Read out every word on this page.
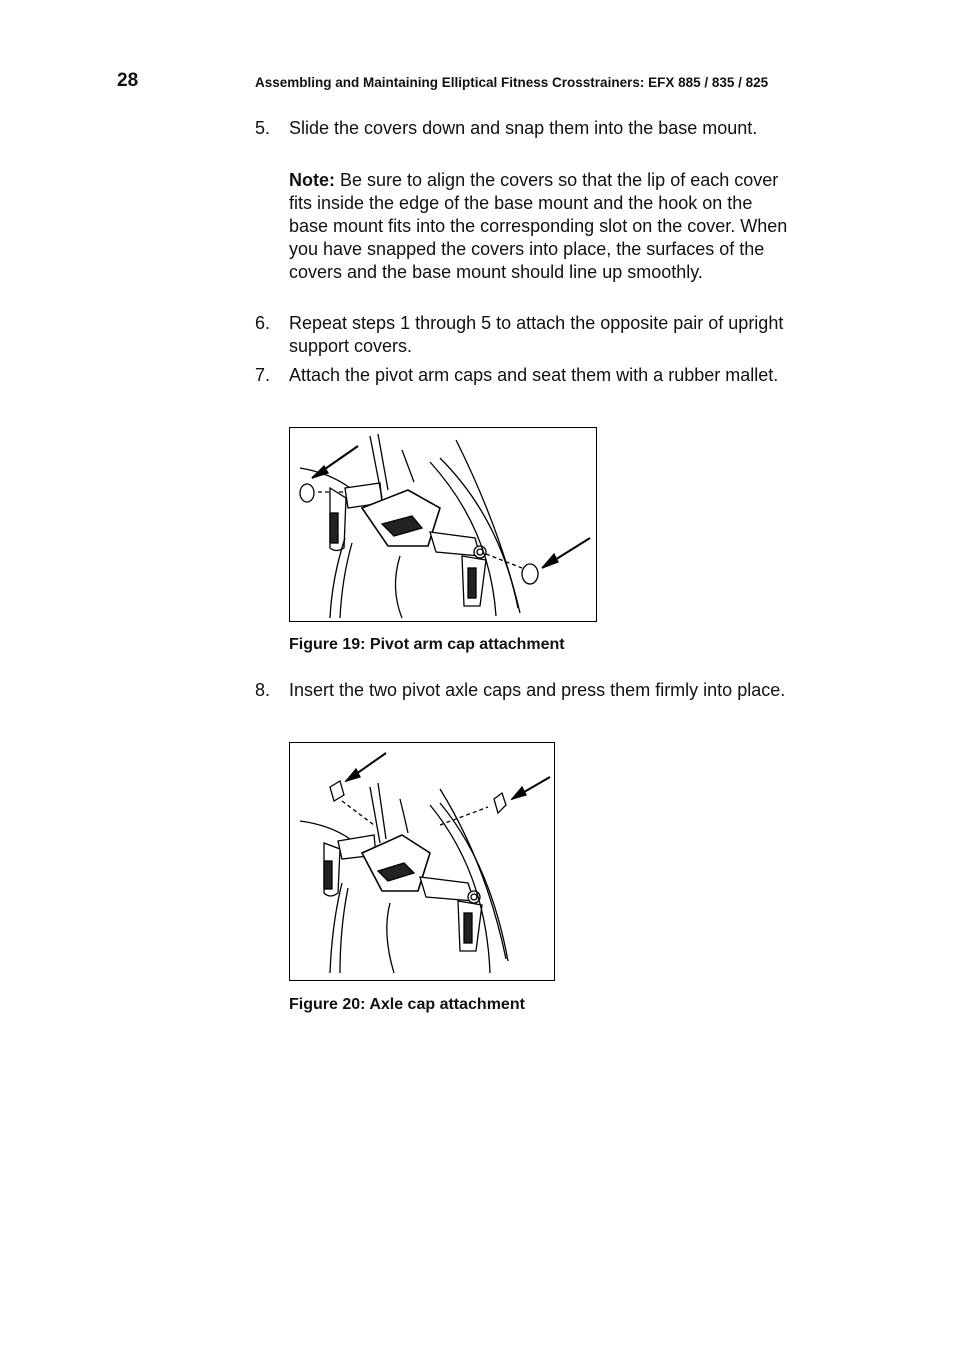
28	Assembling and Maintaining Elliptical Fitness Crosstrainers: EFX 885 / 835 / 825
5. Slide the covers down and snap them into the base mount.
Note: Be sure to align the covers so that the lip of each cover fits inside the edge of the base mount and the hook on the base mount fits into the corresponding slot on the cover. When you have snapped the covers into place, the surfaces of the covers and the base mount should line up smoothly.
6. Repeat steps 1 through 5 to attach the opposite pair of upright support covers.
7. Attach the pivot arm caps and seat them with a rubber mallet.
Figure 19: Pivot arm cap attachment
8. Insert the two pivot axle caps and press them firmly into place.
Figure 20: Axle cap attachment
